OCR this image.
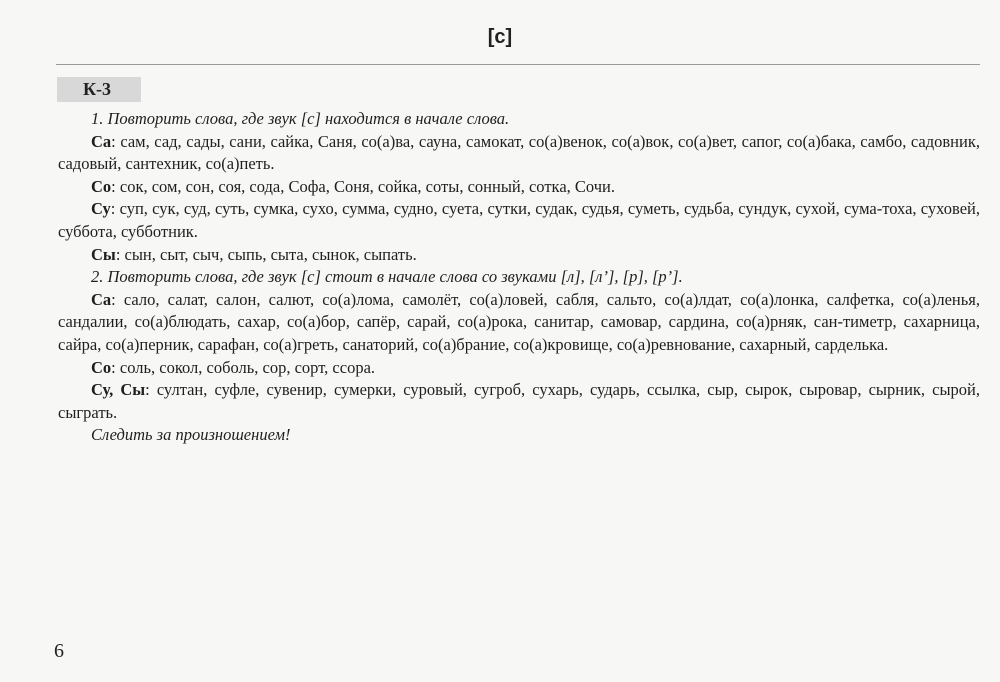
[с]
К-3

1. Повторить слова, где звук [с] находится в начале слова.

Са: сам, сад, сады, сани, сайка, Саня, со(а)ва, сауна, самокат, со(а)венок, со(а)вок, со(а)вет, сапог, со(а)бака, самбо, садовник, садовый, сантехник, со(а)петь.

Со: сок, сом, сон, соя, сода, Софа, Соня, сойка, соты, сонный, сотка, Сочи.

Су: суп, сук, суд, суть, сумка, сухо, сумма, судно, суета, сутки, судак, судья, суметь, судьба, сундук, сухой, сума-тоха, суховей, суббота, субботник.

Сы: сын, сыт, сыч, сыпь, сыта, сынок, сыпать.

2. Повторить слова, где звук [с] стоит в начале слова со звуками [л], [л’], [р], [р’].

Са: сало, салат, салон, салют, со(а)лома, самолёт, со(а)ловей, сабля, сальто, со(а)лдат, со(а)лонка, салфетка, со(а)ленья, сандалии, со(а)блюдать, сахар, со(а)бор, сапёр, сарай, со(а)рока, санитар, самовар, сардина, со(а)рняк, сан-тиметр, сахарница, сайра, со(а)перник, сарафан, со(а)греть, санаторий, со(а)брание, со(а)кровище, со(а)ревнование, сахарный, сарделька.

Со: соль, сокол, соболь, сор, сорт, ссора.

Су, Сы: султан, суфле, сувенир, сумерки, суровый, сугроб, сухарь, сударь, ссылка, сыр, сырок, сыровар, сырник, сырой, сыграть.

Следить за произношением!

6
